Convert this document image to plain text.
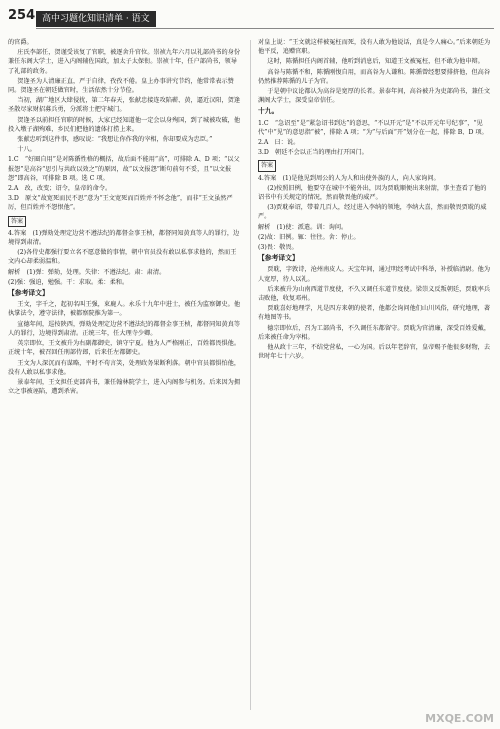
254 高中习题化知识清单 · 语文

的官爵。

庄氏李部任，贺谨受该复了官职，被逐舍升官位。崇祯九年六月以礼部尚书的身份兼任东阁大学士，进入内阁辅佐国政，加太子太保衔。崇祯十年，任户部尚书，领导了礼部的政务。

贺逢圣为人清廉正直，严于自律，孜孜不倦。皇上办事讲究节约，他常常表示赞同。贺逢圣在朝廷做官时，生活依然十分节俭。

当初，湖广地区大肆侵扰，第二年春天，张献忠接连攻陷蕲、黄，逼近汉阳，贺逢圣散尽家财招募兵勇，分派将士把守城门。

贺逢圣以前担任官职的时候，大家已经知道他一定会以身殉国，到了城被攻破，他投入墩子湖殉难，乡民们把他的遗体打捞上来。

张献忠听到这件事，感叹说：“我想让你作我的宰相，你却要成为忠臣。”

十八。

1.C　“好圈自用”是对陈循性格的概括，故后面不能用“高”，可排除 A、D 项；“以父报怨”是高谷“思引与共政以效之”的原因，故“以文报怨”断句前句不妥，且“以文报怨”即高谷，可排除 B 项。选 C 项。

2.A　改，改变；诏令，皇帝的命令。

3.D　原文“故宽死而民不思”意为“王文宽死而百姓并不怀念他”，而非“王文虽然严厉，但百姓并不怨恨他”。

答案

4.答案　(1)弹劾处理定边营不遵法纪的都督金事王桢，都督同知黄真等人的罪行，边境得到肃清。

(2)各侍史都强行要立名不愿意做的事情，朝中官员没有敢以私事求他的，然而王文内心却柔弱温和。

解析　(1)弹：弹劾，处理。失律：不遵法纪。肃：肃清。

(2)强：强迫，勉强。干：求取。柔：柔和。

【参考译文】

王文，字千之，起初名叫王强，束鹿人。永乐十九年中进士，被任为监察御史。他执掌法令，遵守法律，被都察院推为第一。

宣德年间，巡按陕西，弹劾处理定边营不遵法纪的都督金事王桢，都督同知黄真等人的罪行，边境得到肃清。正统三年，任大理寺少卿。

英宗即位，王文被升为右副都御史，镇守宁夏。他为人严格刚正，百姓都畏惧他。正统十年，被召回任刑部侍郎，后来任左都御史。

王文为人深沉而有谋略，平时不苟言笑，处理政务果断利落。朝中官员都惧怕他，没有人敢以私事求他。

景泰年间，王文担任吏部尚书，兼任翰林院学士，进入内阁参与机务。后来因为拥立之事被诬陷，遭到杀害。

对皇上说：“王文就这样被冤枉而死，没有人敢为他说话，真是令人痛心。”后来朝廷为他平反，追赠官职。

这时，陈循担任内阁首辅，他听到消息后，知道王文被冤枉，但不敢为他申辩。

高谷与陈循不和，陈循刚愎自用，而高谷为人谦和。陈循曾经想要排挤他，但高谷仍然推荐陈循的儿子为官。

于是朝中议论都认为高谷是宽厚的长者。景泰年间，高谷被升为吏部尚书，兼任文渊阁大学士，深受皇帝信任。

十九。

1.C　“急诏至”是“紧急诏书到达”的意思，“不以开元”是“不以开元年号纪事”，“见代”中“见”的意思指“被”，排除 A 项；“为”与后面“开”划分在一起，排除 B、D 项。

2.A　曰：说。

3.D　朝廷不会以正当的理由打开国门。

答案

4.答案　(1)是他见到周公的人为人和出使外族的人，向人家询问。

(2)按照旧例，他要守在城中不能外出，因为贾耽顺便出来射箭，事主查看了他的诏书中有关规定的情况，然而敬畏他的威严。

(3)贾耽奉诏，带着几百人，经过进入李纳的领地，李纳大喜，然而敬畏贾耽的威严。

解析　(1)使：派遣。训：询问。

(2)故：旧例。辄：往往。舍：停止。

(3)畏：敬畏。

【参考译文】

贾耽，字敦诗，沧州南皮人。天宝年间，通过明经考试中科举，补授临清尉。他为人宽厚，待人以礼。

后来被升为山南西道节度使，不久又调任东道节度使。梁崇义反叛朝廷，贾耽率兵击败他，收复邓州。

贾耽喜好地理学，凡是四方来朝的使者，他都会询问他们山川风俗，研究地理，著有地图等书。

德宗即位后，召为工部尚书，不久调任东都留守。贾耽为官清廉，深受百姓爱戴，后来被任命为宰相。

他从政十三年，不结党营私，一心为国。后以年老辞官，皇帝赐予他很多财物，去世时年七十六岁。

MXQE.COM
